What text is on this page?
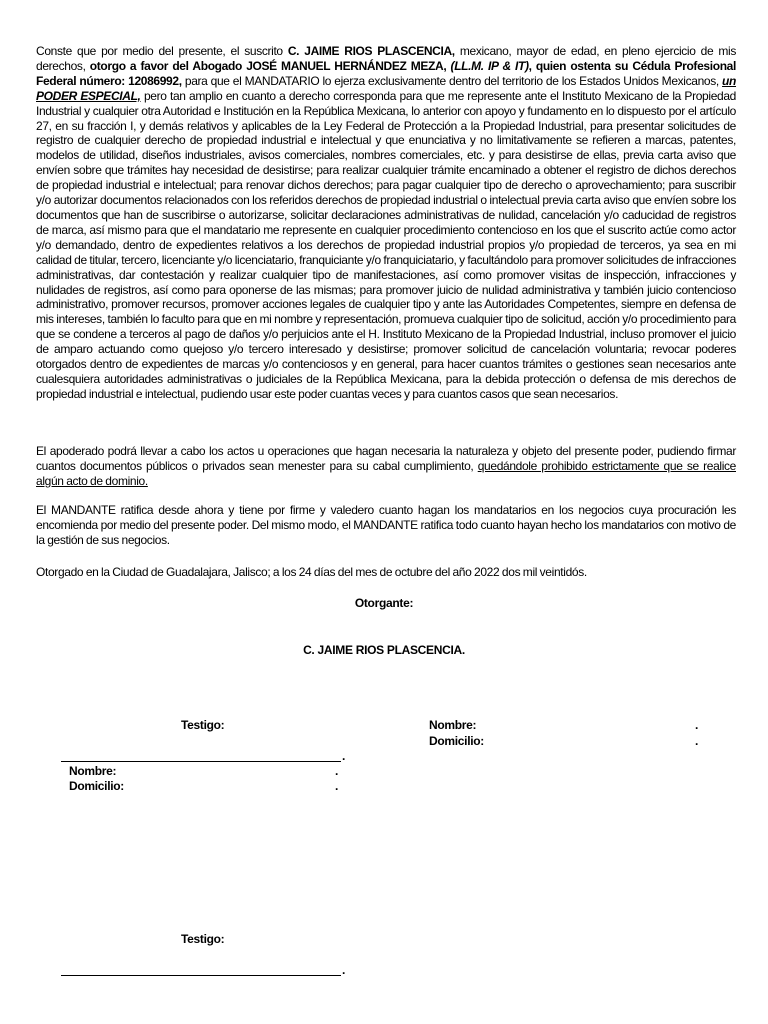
Conste que por medio del presente, el suscrito C. JAIME RIOS PLASCENCIA, mexicano, mayor de edad, en pleno ejercicio de mis derechos, otorgo a favor del Abogado JOSÉ MANUEL HERNÁNDEZ MEZA, (LL.M. IP & IT), quien ostenta su Cédula Profesional Federal número: 12086992, para que el MANDATARIO lo ejerza exclusivamente dentro del territorio de los Estados Unidos Mexicanos, un PODER ESPECIAL, pero tan amplio en cuanto a derecho corresponda para que me represente ante el Instituto Mexicano de la Propiedad Industrial y cualquier otra Autoridad e Institución en la República Mexicana, lo anterior con apoyo y fundamento en lo dispuesto por el artículo 27, en su fracción I, y demás relativos y aplicables de la Ley Federal de Protección a la Propiedad Industrial, para presentar solicitudes de registro de cualquier derecho de propiedad industrial e intelectual y que enunciativa y no limitativamente se refieren a marcas, patentes, modelos de utilidad, diseños industriales, avisos comerciales, nombres comerciales, etc. y para desistirse de ellas, previa carta aviso que envíen sobre que trámites hay necesidad de desistirse; para realizar cualquier trámite encaminado a obtener el registro de dichos derechos de propiedad industrial e intelectual; para renovar dichos derechos; para pagar cualquier tipo de derecho o aprovechamiento; para suscribir y/o autorizar documentos relacionados con los referidos derechos de propiedad industrial o intelectual previa carta aviso que envíen sobre los documentos que han de suscribirse o autorizarse, solicitar declaraciones administrativas de nulidad, cancelación y/o caducidad de registros de marca, así mismo para que el mandatario me represente en cualquier procedimiento contencioso en los que el suscrito actúe como actor y/o demandado, dentro de expedientes relativos a los derechos de propiedad industrial propios y/o propiedad de terceros, ya sea en mi calidad de titular, tercero, licenciante y/o licenciatario, franquiciante y/o franquiciatario, y facultándolo para promover solicitudes de infracciones administrativas, dar contestación y realizar cualquier tipo de manifestaciones, así como promover visitas de inspección, infracciones y nulidades de registros, así como para oponerse de las mismas; para promover juicio de nulidad administrativa y también juicio contencioso administrativo, promover recursos, promover acciones legales de cualquier tipo y ante las Autoridades Competentes, siempre en defensa de mis intereses, también lo faculto para que en mi nombre y representación, promueva cualquier tipo de solicitud, acción y/o procedimiento para que se condene a terceros al pago de daños y/o perjuicios ante el H. Instituto Mexicano de la Propiedad Industrial, incluso promover el juicio de amparo actuando como quejoso y/o tercero interesado y desistirse; promover solicitud de cancelación voluntaria; revocar poderes otorgados dentro de expedientes de marcas y/o contenciosos y en general, para hacer cuantos trámites o gestiones sean necesarios ante cualesquiera autoridades administrativas o judiciales de la República Mexicana, para la debida protección o defensa de mis derechos de propiedad industrial e intelectual, pudiendo usar este poder cuantas veces y para cuantos casos que sean necesarios.

El apoderado podrá llevar a cabo los actos u operaciones que hagan necesaria la naturaleza y objeto del presente poder, pudiendo firmar cuantos documentos públicos o privados sean menester para su cabal cumplimiento, quedándole prohibido estrictamente que se realice algún acto de dominio.

El MANDANTE ratifica desde ahora y tiene por firme y valedero cuanto hagan los mandatarios en los negocios cuya procuración les encomienda por medio del presente poder. Del mismo modo, el MANDANTE ratifica todo cuanto hayan hecho los mandatarios con motivo de la gestión de sus negocios.

Otorgado en la Ciudad de Guadalajara, Jalisco; a los 24 días del mes de octubre del año 2022 dos mil veintidós.

Otorgante:
C. JAIME RIOS PLASCENCIA.
Testigo:
.
Nombre:	.
Domicilio:	.
Nombre:	.
Domicilio:	.
Testigo:
.
